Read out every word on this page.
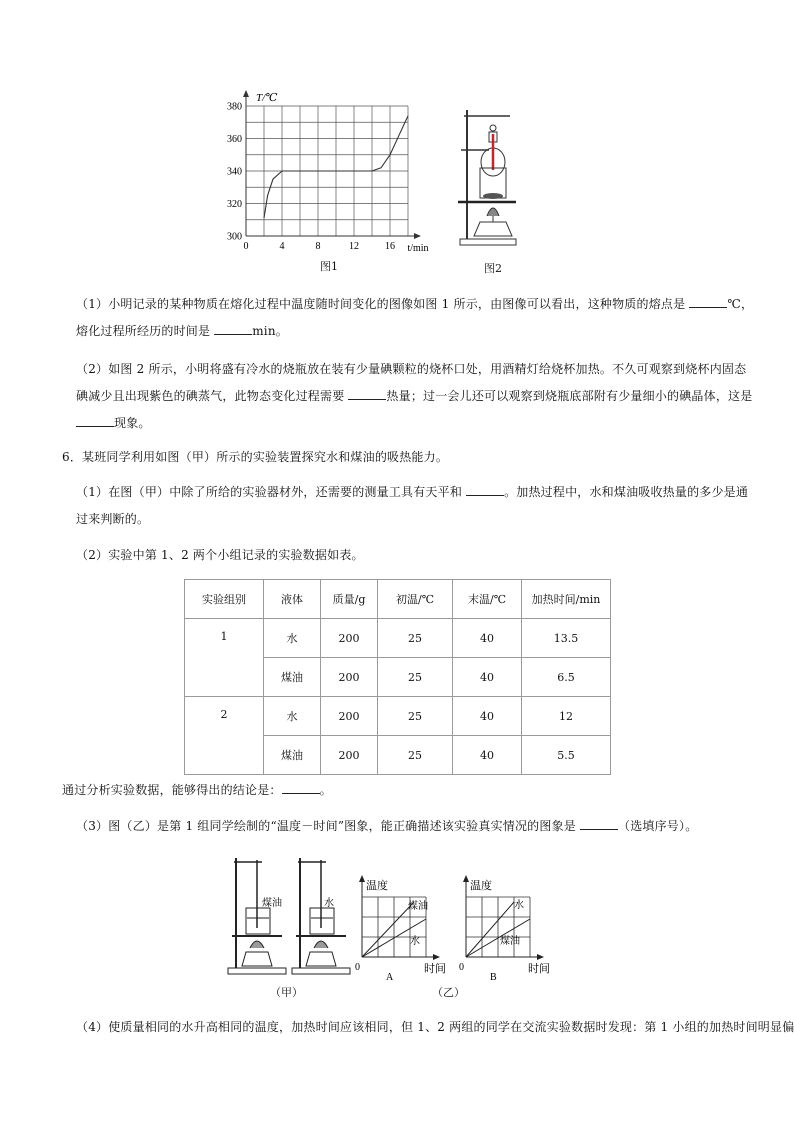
T/℃
t/min
0
300
320
340
360
380
4	8	12	16
图1	图2
（1）小明记录的某种物质在熔化过程中温度随时间变化的图像如图 1 所示，由图像可以看出，这种物质的熔点是	℃，熔化过程所经历的时间是	min。
（2）如图 2 所示，小明将盛有冷水的烧瓶放在装有少量碘颗粒的烧杯口处，用酒精灯给烧杯加热。不久可观察到烧杯内固态碘减少且出现紫色的碘蒸气，此物态变化过程需要	热量；过一会儿还可以观察到烧瓶底部附有少量细小的碘晶体，这是 现象。
6．某班同学利用如图（甲）所示的实验装置探究水和煤油的吸热能力。
（1）在图（甲）中除了所给的实验器材外，还需要的测量工具有天平和	。加热过程中，水和煤油吸收热量的多少是通过来判断的。
（2）实验中第 1、2 两个小组记录的实验数据如表。
实验组别	液体	质量/g	初温/℃	末温/℃	加热时间/min
1	水	200	25	40	13.5
	煤油	200	25	40	6.5
2	水	200	25	40	12
	煤油	200	25	40	5.5
通过分析实验数据，能够得出的结论是：	。
（3）图（乙）是第 1 组同学绘制的“温度－时间”图象，能正确描述该实验真实情况的图象是	（选填序号）。
煤油	水
（甲）
温度
煤油
水
0
A
时间
温度
水
煤油
0
B
时间
（乙）
（4）使质量相同的水升高相同的温度，加热时间应该相同，但 1、2 两组的同学在交流实验数据时发现：第 1 小组的加热时间明显偏
